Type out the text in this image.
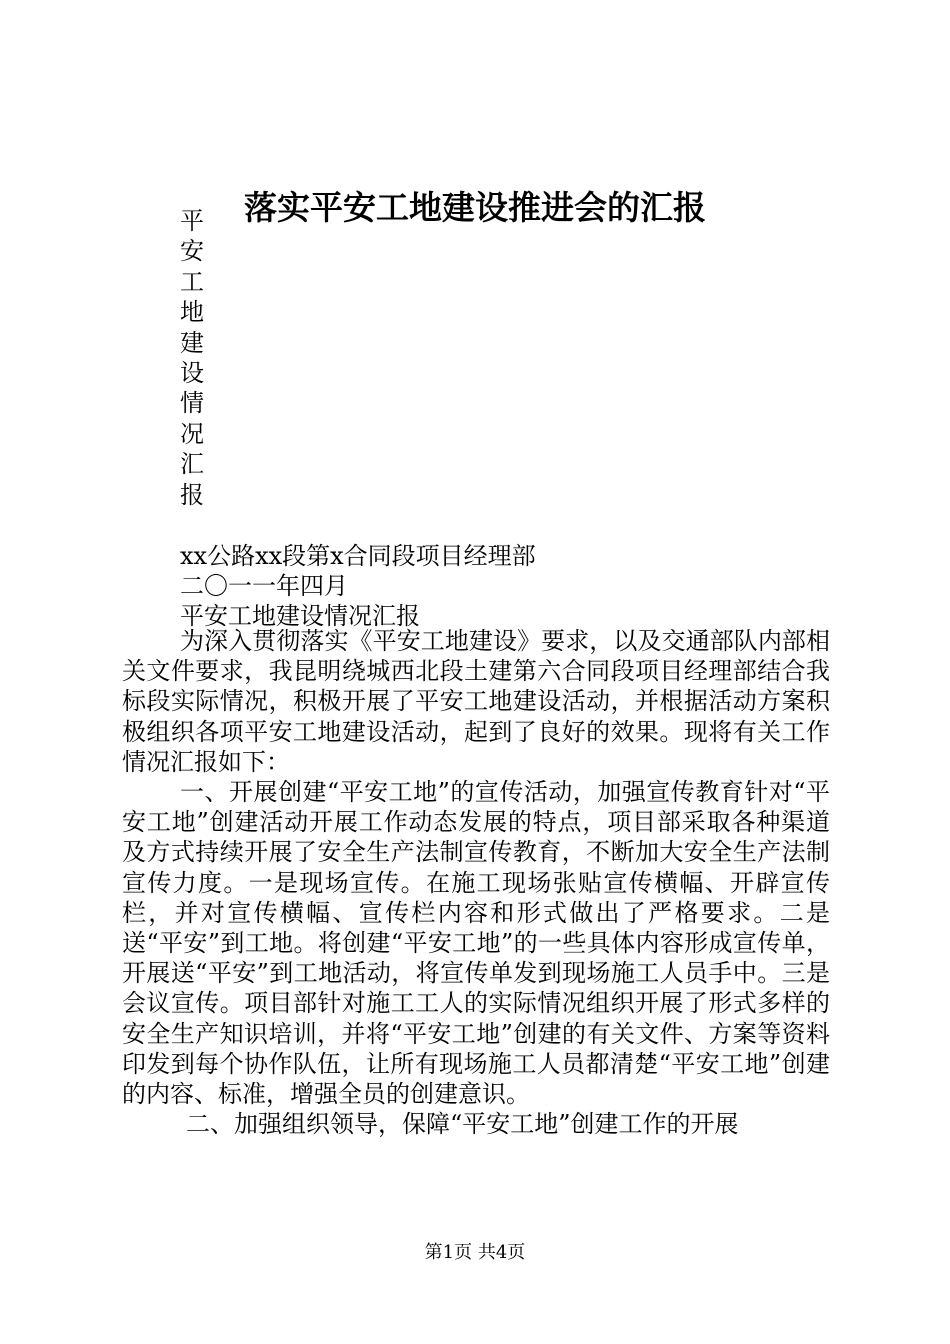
落实平安工地建设推进会的汇报
平
安
工
地
建
设
情
况
汇
报
xx公路xx段第x合同段项目经理部
二〇一一年四月
平安工地建设情况汇报

为深入贯彻落实《平安工地建设》要求，以及交通部队内部相关文件要求，我昆明绕城西北段土建第六合同段项目经理部结合我标段实际情况，积极开展了平安工地建设活动，并根据活动方案积极组织各项平安工地建设活动，起到了良好的效果。现将有关工作情况汇报如下：

一、开展创建“平安工地”的宣传活动，加强宣传教育针对“平安工地”创建活动开展工作动态发展的特点，项目部采取各种渠道及方式持续开展了安全生产法制宣传教育，不断加大安全生产法制宣传力度。一是现场宣传。在施工现场张贴宣传横幅、开辟宣传栏，并对宣传横幅、宣传栏内容和形式做出了严格要求。二是送“平安”到工地。将创建“平安工地”的一些具体内容形成宣传单，开展送“平安”到工地活动，将宣传单发到现场施工人员手中。三是会议宣传。项目部针对施工工人的实际情况组织开展了形式多样的安全生产知识培训，并将“平安工地”创建的有关文件、方案等资料印发到每个协作队伍，让所有现场施工人员都清楚“平安工地”创建的内容、标准，增强全员的创建意识。

二、加强组织领导，保障“平安工地”创建工作的开展

第1页 共4页
